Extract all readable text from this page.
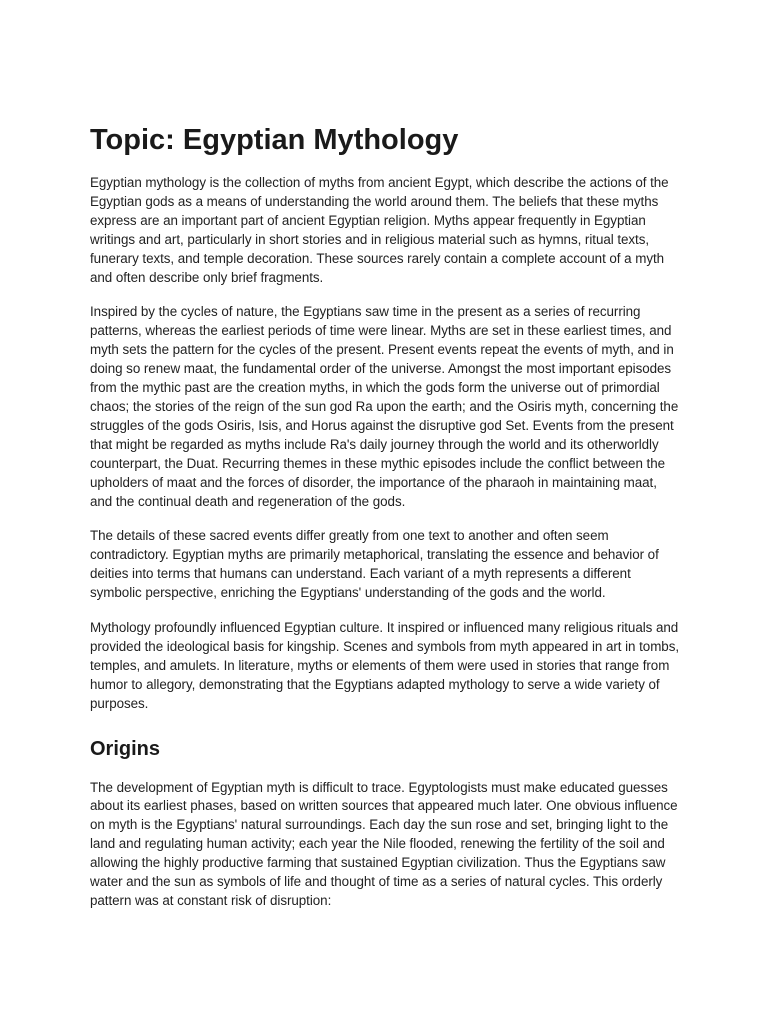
Topic: Egyptian Mythology

Egyptian mythology is the collection of myths from ancient Egypt, which describe the actions of the Egyptian gods as a means of understanding the world around them. The beliefs that these myths express are an important part of ancient Egyptian religion. Myths appear frequently in Egyptian writings and art, particularly in short stories and in religious material such as hymns, ritual texts, funerary texts, and temple decoration. These sources rarely contain a complete account of a myth and often describe only brief fragments.

Inspired by the cycles of nature, the Egyptians saw time in the present as a series of recurring patterns, whereas the earliest periods of time were linear. Myths are set in these earliest times, and myth sets the pattern for the cycles of the present. Present events repeat the events of myth, and in doing so renew maat, the fundamental order of the universe. Amongst the most important episodes from the mythic past are the creation myths, in which the gods form the universe out of primordial chaos; the stories of the reign of the sun god Ra upon the earth; and the Osiris myth, concerning the struggles of the gods Osiris, Isis, and Horus against the disruptive god Set. Events from the present that might be regarded as myths include Ra's daily journey through the world and its otherworldly counterpart, the Duat. Recurring themes in these mythic episodes include the conflict between the upholders of maat and the forces of disorder, the importance of the pharaoh in maintaining maat, and the continual death and regeneration of the gods.

The details of these sacred events differ greatly from one text to another and often seem contradictory. Egyptian myths are primarily metaphorical, translating the essence and behavior of deities into terms that humans can understand. Each variant of a myth represents a different symbolic perspective, enriching the Egyptians' understanding of the gods and the world.

Mythology profoundly influenced Egyptian culture. It inspired or influenced many religious rituals and provided the ideological basis for kingship. Scenes and symbols from myth appeared in art in tombs, temples, and amulets. In literature, myths or elements of them were used in stories that range from humor to allegory, demonstrating that the Egyptians adapted mythology to serve a wide variety of purposes.

Origins

The development of Egyptian myth is difficult to trace. Egyptologists must make educated guesses about its earliest phases, based on written sources that appeared much later. One obvious influence on myth is the Egyptians' natural surroundings. Each day the sun rose and set, bringing light to the land and regulating human activity; each year the Nile flooded, renewing the fertility of the soil and allowing the highly productive farming that sustained Egyptian civilization. Thus the Egyptians saw water and the sun as symbols of life and thought of time as a series of natural cycles. This orderly pattern was at constant risk of disruption:
